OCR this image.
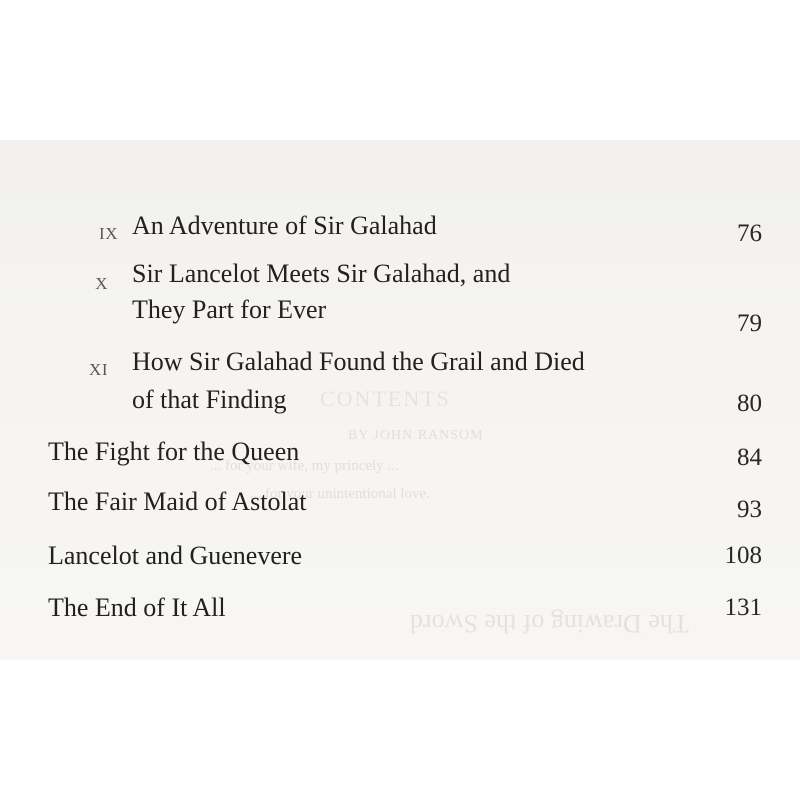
CONTENTS
BY JOHN RANSOM
... for your wife, my princely ...
... for your unintentional love.
The Drawing of the Sword
IX An Adventure of Sir Galahad	76
X Sir Lancelot Meets Sir Galahad, and
They Part for Ever	79
XI How Sir Galahad Found the Grail and Died
of that Finding	80
The Fight for the Queen	84
The Fair Maid of Astolat	93
Lancelot and Guenevere	108
The End of It All	131
